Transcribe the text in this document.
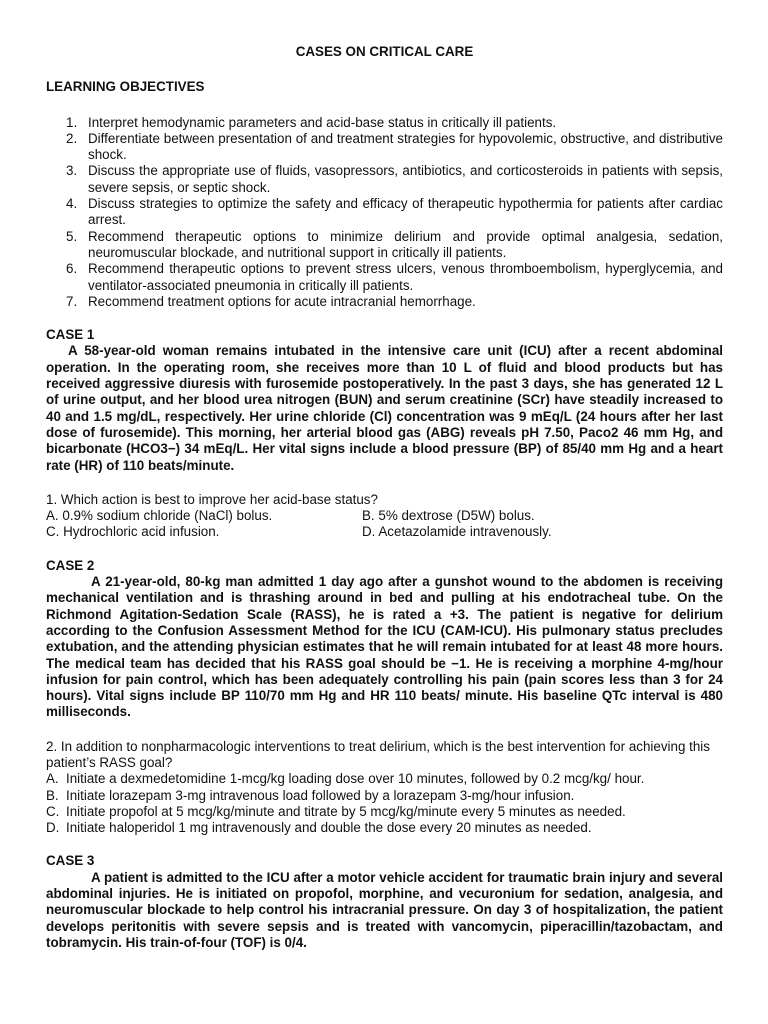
CASES ON CRITICAL CARE

LEARNING OBJECTIVES

1. Interpret hemodynamic parameters and acid-base status in critically ill patients.
2. Differentiate between presentation of and treatment strategies for hypovolemic, obstructive, and distributive shock.
3. Discuss the appropriate use of fluids, vasopressors, antibiotics, and corticosteroids in patients with sepsis, severe sepsis, or septic shock.
4. Discuss strategies to optimize the safety and efficacy of therapeutic hypothermia for patients after cardiac arrest.
5. Recommend therapeutic options to minimize delirium and provide optimal analgesia, sedation, neuromuscular blockade, and nutritional support in critically ill patients.
6. Recommend therapeutic options to prevent stress ulcers, venous thromboembolism, hyperglycemia, and ventilator-associated pneumonia in critically ill patients.
7. Recommend treatment options for acute intracranial hemorrhage.

CASE 1

A 58-year-old woman remains intubated in the intensive care unit (ICU) after a recent abdominal operation. In the operating room, she receives more than 10 L of fluid and blood products but has received aggressive diuresis with furosemide postoperatively. In the past 3 days, she has generated 12 L of urine output, and her blood urea nitrogen (BUN) and serum creatinine (SCr) have steadily increased to 40 and 1.5 mg/dL, respectively. Her urine chloride (Cl) concentration was 9 mEq/L (24 hours after her last dose of furosemide). This morning, her arterial blood gas (ABG) reveals pH 7.50, Paco2 46 mm Hg, and bicarbonate (HCO3−) 34 mEq/L. Her vital signs include a blood pressure (BP) of 85/40 mm Hg and a heart rate (HR) of 110 beats/minute.

1. Which action is best to improve her acid-base status?

A. 0.9% sodium chloride (NaCl) bolus.	B. 5% dextrose (D5W) bolus.
C. Hydrochloric acid infusion.	D. Acetazolamide intravenously.

CASE 2

A 21-year-old, 80-kg man admitted 1 day ago after a gunshot wound to the abdomen is receiving mechanical ventilation and is thrashing around in bed and pulling at his endotracheal tube. On the Richmond Agitation-Sedation Scale (RASS), he is rated a +3. The patient is negative for delirium according to the Confusion Assessment Method for the ICU (CAM-ICU). His pulmonary status precludes extubation, and the attending physician estimates that he will remain intubated for at least 48 more hours. The medical team has decided that his RASS goal should be −1. He is receiving a morphine 4-mg/hour infusion for pain control, which has been adequately controlling his pain (pain scores less than 3 for 24 hours). Vital signs include BP 110/70 mm Hg and HR 110 beats/ minute. His baseline QTc interval is 480 milliseconds.

2. In addition to nonpharmacologic interventions to treat delirium, which is the best intervention for achieving this patient’s RASS goal?

A. Initiate a dexmedetomidine 1-mcg/kg loading dose over 10 minutes, followed by 0.2 mcg/kg/ hour.
B. Initiate lorazepam 3-mg intravenous load followed by a lorazepam 3-mg/hour infusion.
C. Initiate propofol at 5 mcg/kg/minute and titrate by 5 mcg/kg/minute every 5 minutes as needed.
D. Initiate haloperidol 1 mg intravenously and double the dose every 20 minutes as needed.

CASE 3

A patient is admitted to the ICU after a motor vehicle accident for traumatic brain injury and several abdominal injuries. He is initiated on propofol, morphine, and vecuronium for sedation, analgesia, and neuromuscular blockade to help control his intracranial pressure. On day 3 of hospitalization, the patient develops peritonitis with severe sepsis and is treated with vancomycin, piperacillin/tazobactam, and tobramycin. His train-of-four (TOF) is 0/4.
